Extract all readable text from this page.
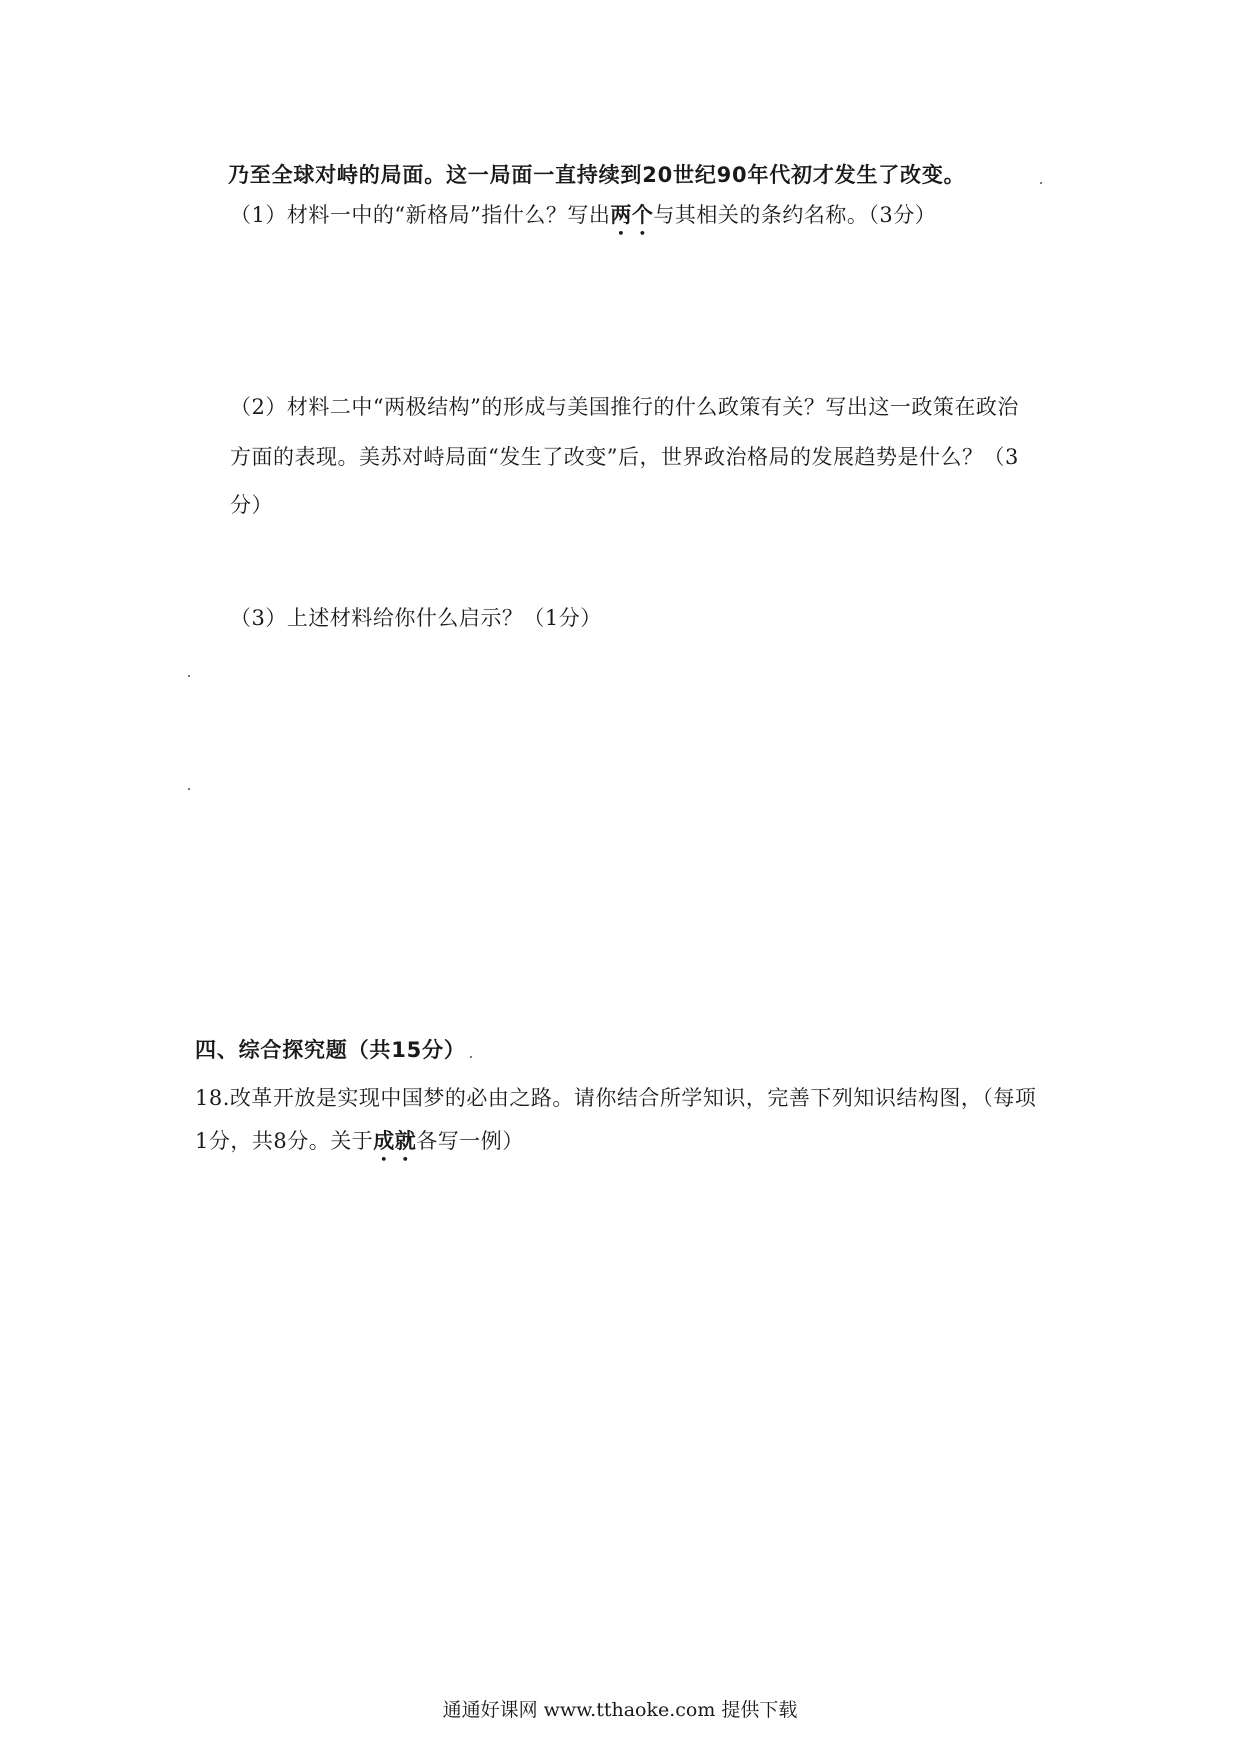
乃至全球对峙的局面。这一局面一直持续到20世纪90年代初才发生了改变。
（1）材料一中的“新格局”指什么？写出两个与其相关的条约名称。（3分）
（2）材料二中“两极结构”的形成与美国推行的什么政策有关？写出这一政策在政治
方面的表现。美苏对峙局面“发生了改变”后，世界政治格局的发展趋势是什么？（3
分）
（3）上述材料给你什么启示？（1分）
四、综合探究题（共15分）
18.改革开放是实现中国梦的必由之路。请你结合所学知识，完善下列知识结构图，（每项
1分，共8分。关于成就各写一例）
通通好课网 www.tthaoke.com 提供下载
